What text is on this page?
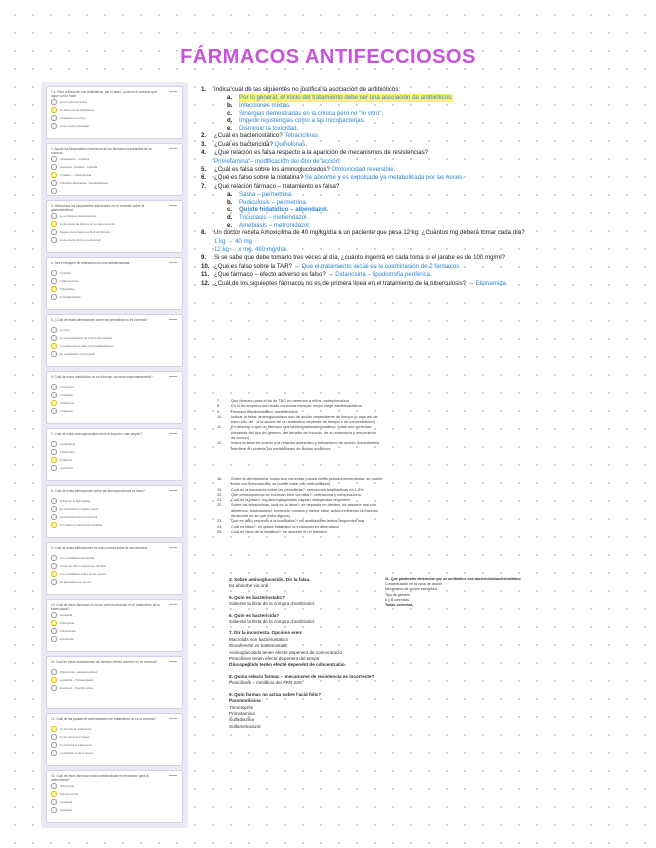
FÁRMACOS ANTIFECCIOSOS
1.4. Para a dirección con antibióticos, por lo tanto, ¿cuál es el correcto que sigue con la frase:
Es el modo preventivo
Se deben tomar antibióticos
Protegidos en el flujo
Es de modo prolongado
2. Ayuda los bloqueantes nicotinicos de los fármacos importantes de su correcto:
Paracetamol – Codeína
Diazepam, opioides – Antiinfla
Prosalam – Triazepamida
Activación bloqueante, Vasodilatadores
3. Selecciona los bloqueantes adicionales en un contexto sobre la gastrointestinal:
Es un bloqueo cardiovascular
Es de efecto de clínicos en su capa de la vía
Bloqueo de la barrera al final del fármaco
Es de efecto clínico en el fármaco
4. Sea el bloqueo de amikacina con una antimicrobiana:
Penicilina
Cefalosporinas
Polipeptidos
Aminoglucósidos
5. ¿Cuál de estas afirmaciones sobre las penicilinas no es correcta?
Es cierto
Es el sensibilizador de la flora del intestino
La resistencia se debe a los betalactámicos
Se metabolizan en el hígado
6. Cuál de estos antibioticos no se eliminan vía renal mayoritariamente?
Cefuroxima
Cefazolina
Ceftriaxona
Cefalexina
7. Cuál de estos aminoglucósidos tiene el espectro más amplio?
Gentamicina
Tobramicina
Amikacina
Neomicina
8. Cuál de estas afirmaciones sobre las fluoroquinolonas es falsa?
Actúan en la ADN girasa
Se concentran en tejidos óseos
Efectos adversos en tendones
Son útiles en infecciones urinarias
9. Cuál de estas afirmaciones es una correcta sobre la vancomicina:
Es un antibiótico bactericida
Puede ser útil en infecciones del SNC
Es un antibiótico activo frente a Gram –
Se administra por vía oral
10. Cuál de estos fármacos no es de primera elección en el tratamiento de la tuberculosis?
Isoniazida
Rifampicina
Pirazinamida
Etionamida
11. Cuál de estos asociaciones del fármaco-efecto adverso no es correcta?
Rifampicina – Hepatotoxicidad
Isoniazida – Polineuropatía
Etambutol – Neuritis óptica
12. Cuál de las pautas de administración de tratamiento no es la correcta?
En el inicio de tratamiento
En los terceros 3 meses
Se continúa el tratamiento
La duración es de 6 meses
13. Cuál de estos fármacos está contraindicado en embarazo para la tuberculosis?
Rifampicina
Estreptomicina
Isoniazida
Etambutol
1.	Indica cuál de las siguientes no justifica la asociación de antibióticos:
a.	Por lo general, el inicio del tratamiento debe ser una asociación de antibióticos.
b.	Infecciones mixtas.
c.	Sinergias demostradas en la clínica pero no "in vitro".
d.	Impedir resistencias como a las micobacterias.
e.	Disminuir la toxicidad.
2.	¿Cuál es bacteriostático? Tetraciclinas.
3.	¿Cuál es bactericida? Quinolonas.
4.	¿Qué relación es falsa respecto a la aparición de mecanismos de resistencias?
Primetamina – modificación del sitio de acción.
5.	¿Cuál es falsa sobre los aminoglucósidos? Ototoxicidad reversible.
6.	¿Qué es falso sobre la nistatina? Se absorbe y es expulsada ya metabolizada por las heces.
7.	¿Qué relación fármaco – tratamiento es falsa?
a.	Sarna – permetrina.
b.	Pediculosis – permetrina.
c.	Quiste hidatídico – albendazol.
d.	Tricuriasis – mebendazol.
e.	Amebiasis – metronidazol.
8.	Un doctor receta Amoxicilina de 40 mg/kg/día a un paciente que pesa 12 kg. ¿Cuántos mg deberá tomar cada día?
1 kg → 40 mg
12 kg → x mg. 480 mg/día.
9.	Si se sabe que debe tomarlo tres veces al día, ¿cuánto ingerirá en cada toma si el jarabe es de 100 mg/ml?
10. ¿Qué es falso sobre la TAR? → Que el tratamiento inicial es la combinación de 2 fármacos.
11. ¿Qué fármaco – efecto adverso es falso? → Didanosina – lipodistrofia periférica.
12. ¿Cuál de los siguientes fármacos no es de primera línea en el tratamiento de la tuberculosis? → Etionamida.
7.	Qué fármaco para el tto de TBC no deremos a niños: estreptomicina
8.	En el tto empírico son todas correctas excepto: mejor elegir bacteriostáticos.
9.	Fármaco bacteriostático: claritromicina
10.	Indicar la falsa: aminoglucósidos son de acción dependiente de tiempo (o algo así de
este rollo, de : si la acción de un antibiótico depende de tiempo o de concentración)
11.	En relación a que un fármaco sea bactericida/bacteriostático: todas son correctas
(depende del tipo de germen, del tamaño del inóculo, de su estructura y mecanismo
de acción)
12.	Indica la falsa en cuanto a la relación antibiótico y mecanismo de acción: linezolamina
interfiere en síntesis y/o metabolismo de ácidos nucleicos.
16.	Sobre la clindamicina: todas son correctas (causa colitis pseudomembranosa, se puede
tratar con vancomicina, se puede tratar con metronidazol)
19.	Cuál es la incorrecta sobre las penicilinas?: reacciones anafilácticas en 1-5%
20.	Qué cefalosporinas se excretan bien vía biliar?: ceftriaxona y cefoperazona
21.	Cuál es la falsa?: los aminoglucósidos causan ototoxicidad reversible
22.	Sobre las tetraciclinas, cuál es la falsa?: se deposita en dientes, se absorbe mal con
alimentos, fototoxicidad, excreción urinaria y menor biliar, actúa inhibiendo la fracción
ribosomal no se qué (falta alguna)
23.	Qué es falso respecto a la isoniazida?: los acetiladores lentos responden mal
24.	Cuál es falsa?: en quiste hidatídico la indicación es albendazol.
25.	Cuál es falsa de la nistatina?: se absorbe en el intestino
3. Sobre aminoglucosids. Dir la falsa.
Es absorbe via oral.
5. Quin es bacteriostatic?
Saberse la llista de la compra d'antibiotics
6. Quin es bactericida?
Saberse la llista de la compra d'antibiotics
7. Dir la incorrecta. Opcions eren:
Macrolids son bacteriostatics
Clorafenicol es bacteriostatic
Aminoglucosids tenen efecte depenent de concentracio
Penicilines tenen efecte depenent del temps
Glucopeptids tenen efecte depenent de concentracio.
8. Quina relacio farmac – mecanisme de resistencia es incorrecte?
Penicilines – metilacio del ARN 23S
9. Quin farmac no actua sobre l'acid folic?
Paromomicina
Trimetoprim
Primetamina
Sulfadiazina
Sulfametoxazol
11. Qué parámetro determina que un antibiótico sea bactericida/bacteriostático:
Concentración en la zona de acción
Mecanismo de acción estructura
Tipo de germen
A y B correctas
Todas correctas.
